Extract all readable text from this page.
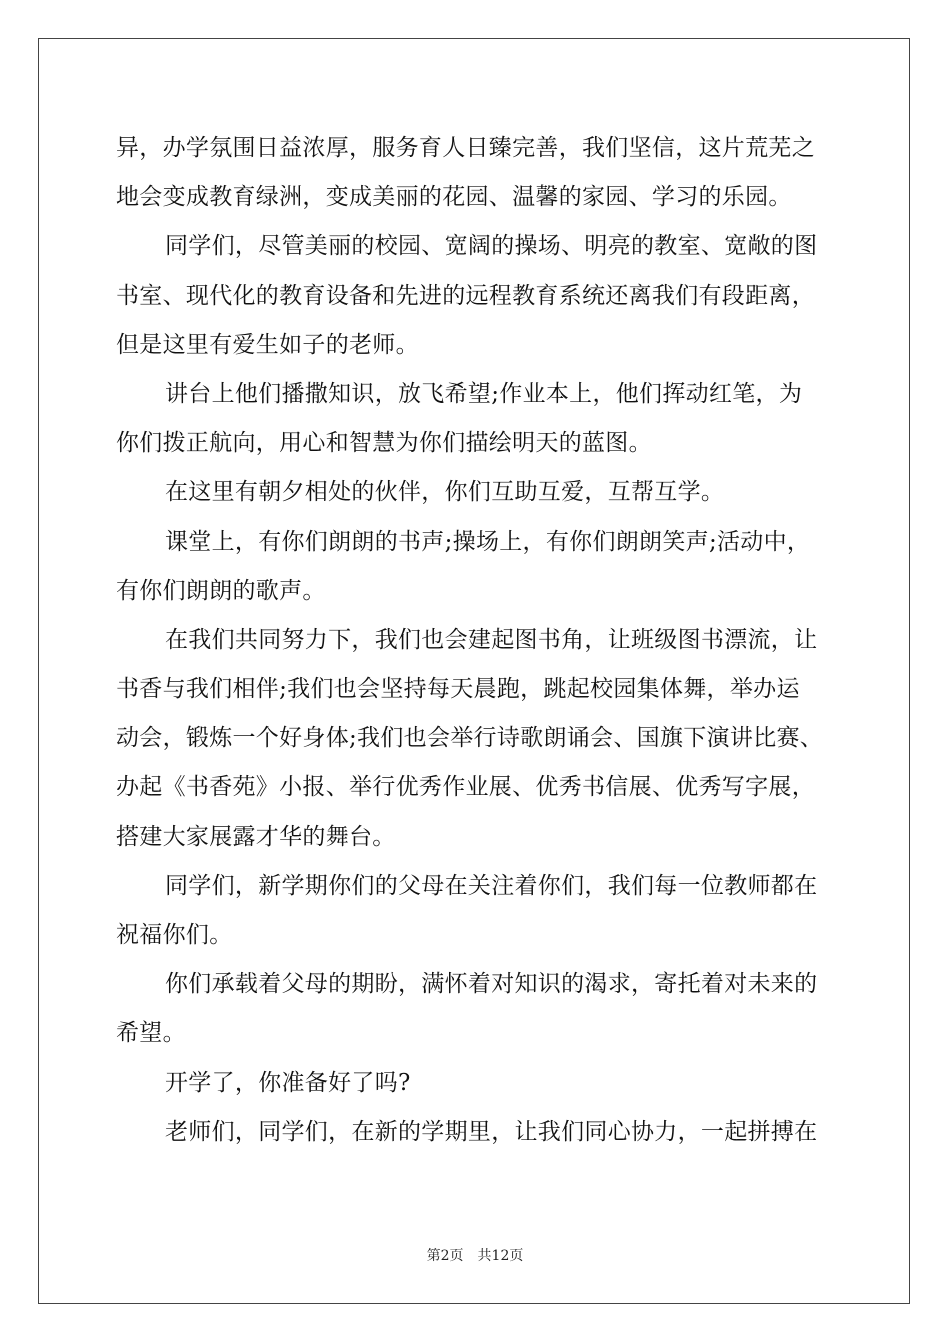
异，办学氛围日益浓厚，服务育人日臻完善，我们坚信，这片荒芜之
地会变成教育绿洲，变成美丽的花园、温馨的家园、学习的乐园。
同学们，尽管美丽的校园、宽阔的操场、明亮的教室、宽敞的图
书室、现代化的教育设备和先进的远程教育系统还离我们有段距离，
但是这里有爱生如子的老师。
讲台上他们播撒知识，放飞希望;作业本上，他们挥动红笔，为
你们拨正航向，用心和智慧为你们描绘明天的蓝图。
在这里有朝夕相处的伙伴，你们互助互爱，互帮互学。
课堂上，有你们朗朗的书声;操场上，有你们朗朗笑声;活动中，
有你们朗朗的歌声。
在我们共同努力下，我们也会建起图书角，让班级图书漂流，让
书香与我们相伴;我们也会坚持每天晨跑，跳起校园集体舞，举办运
动会，锻炼一个好身体;我们也会举行诗歌朗诵会、国旗下演讲比赛、
办起《书香苑》小报、举行优秀作业展、优秀书信展、优秀写字展，
搭建大家展露才华的舞台。
同学们，新学期你们的父母在关注着你们，我们每一位教师都在
祝福你们。
你们承载着父母的期盼，满怀着对知识的渴求，寄托着对未来的
希望。
开学了，你准备好了吗?
老师们，同学们，在新的学期里，让我们同心协力，一起拼搏在
第2页 共12页
